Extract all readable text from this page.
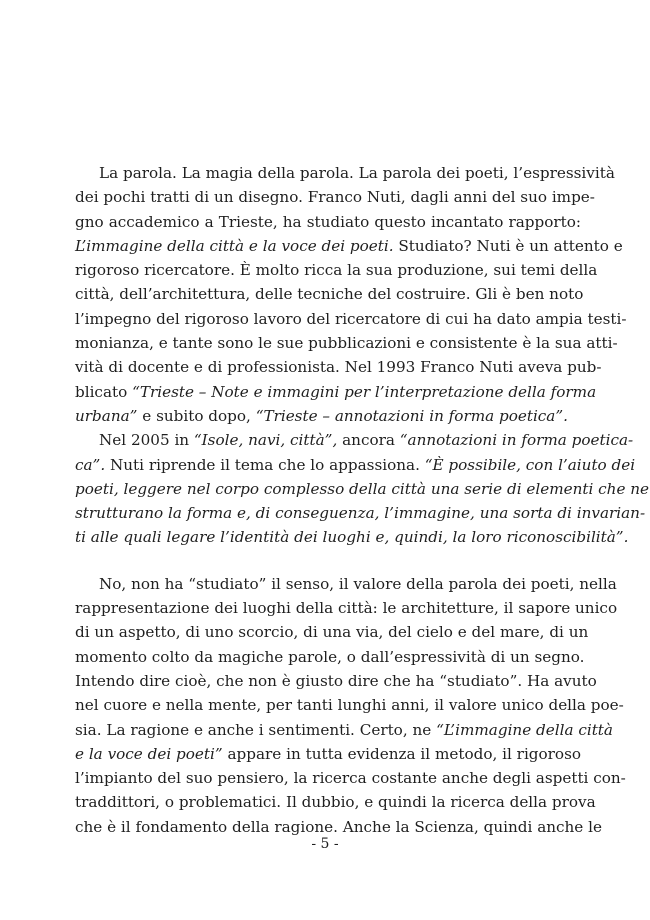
La parola. La magia della parola. La parola dei poeti, l’espressività
dei pochi tratti di un disegno. Franco Nuti, dagli anni del suo impe-
gno accademico a Trieste, ha studiato questo incantato rapporto:
L’immagine della città e la voce dei poeti. Studiato? Nuti è un attento e
rigoroso ricercatore. È molto ricca la sua produzione, sui temi della
città, dell’architettura, delle tecniche del costruire. Gli è ben noto
l’impegno del rigoroso lavoro del ricercatore di cui ha dato ampia testi-
monianza, e tante sono le sue pubblicazioni e consistente è la sua atti-
vità di docente e di professionista. Nel 1993 Franco Nuti aveva pub-
blicato “Trieste – Note e immagini per l’interpretazione della forma
urbana” e subito dopo, “Trieste – annotazioni in forma poetica”.
Nel 2005 in “Isole, navi, città”, ancora “annotazioni in forma poetica-
ca”. Nuti riprende il tema che lo appassiona. “È possibile, con l’aiuto dei
poeti, leggere nel corpo complesso della città una serie di elementi che ne
strutturano la forma e, di conseguenza, l’immagine, una sorta di invarian-
ti alle quali legare l’identità dei luoghi e, quindi, la loro riconoscibilità”.
No, non ha “studiato” il senso, il valore della parola dei poeti, nella
rappresentazione dei luoghi della città: le architetture, il sapore unico
di un aspetto, di uno scorcio, di una via, del cielo e del mare, di un
momento colto da magiche parole, o dall’espressività di un segno.
Intendo dire cioè, che non è giusto dire che ha “studiato”. Ha avuto
nel cuore e nella mente, per tanti lunghi anni, il valore unico della poe-
sia. La ragione e anche i sentimenti. Certo, ne “L’immagine della città
e la voce dei poeti” appare in tutta evidenza il metodo, il rigoroso
l’impianto del suo pensiero, la ricerca costante anche degli aspetti con-
traddittori, o problematici. Il dubbio, e quindi la ricerca della prova
che è il fondamento della ragione. Anche la Scienza, quindi anche le
- 5 -
